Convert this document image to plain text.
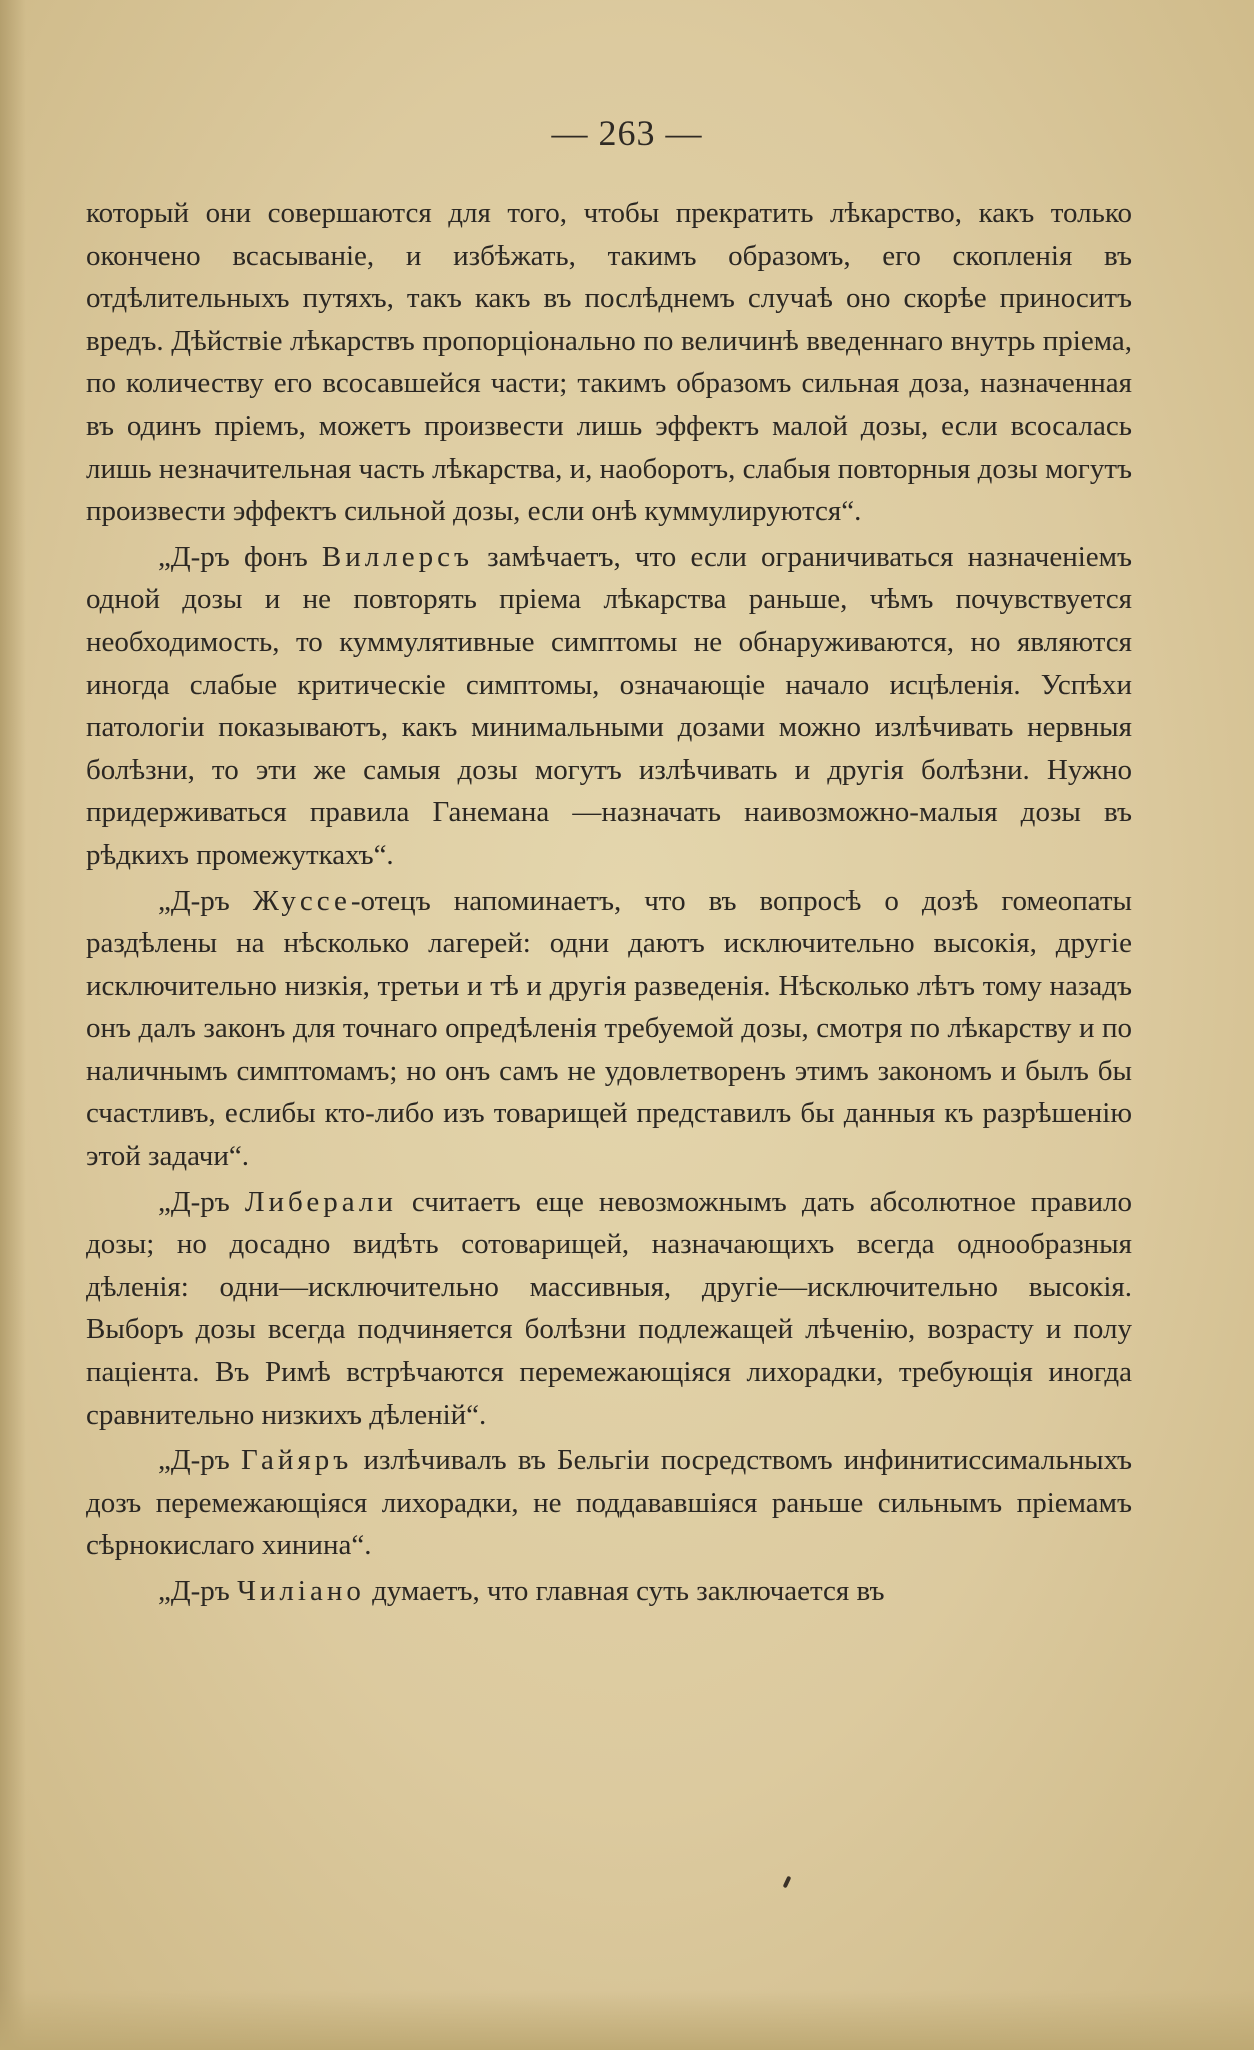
— 263 —

который они совершаются для того, чтобы прекратить лѣкарство, какъ только окончено всасываніе, и избѣжать, такимъ образомъ, его скопленія въ отдѣлительныхъ путяхъ, такъ какъ въ послѣднемъ случаѣ оно скорѣе приноситъ вредъ. Дѣйствіе лѣкарствъ пропорціонально по величинѣ введеннаго внутрь пріема, по количеству его всосавшейся части; такимъ образомъ сильная доза, назначенная въ одинъ пріемъ, можетъ произвести лишь эффектъ малой дозы, если всосалась лишь незначительная часть лѣкарства, и, наоборотъ, слабыя повторныя дозы могутъ произвести эффектъ сильной дозы, если онѣ куммулируются“.

„Д-ръ фонъ Виллерсъ замѣчаетъ, что если ограничиваться назначеніемъ одной дозы и не повторять пріема лѣкарства раньше, чѣмъ почувствуется необходимость, то куммулятивные симптомы не обнаруживаются, но являются иногда слабые критическіе симптомы, означающіе начало исцѣленія. Успѣхи патологіи показываютъ, какъ минимальными дозами можно излѣчивать нервныя болѣзни, то эти же самыя дозы могутъ излѣчивать и другія болѣзни. Нужно придерживаться правила Ганемана —назначать наивозможно-малыя дозы въ рѣдкихъ промежуткахъ“.

„Д-ръ Жуссе-отецъ напоминаетъ, что въ вопросѣ о дозѣ гомеопаты раздѣлены на нѣсколько лагерей: одни даютъ исключительно высокія, другіе исключительно низкія, третьи и тѣ и другія разведенія. Нѣсколько лѣтъ тому назадъ онъ далъ законъ для точнаго опредѣленія требуемой дозы, смотря по лѣкарству и по наличнымъ симптомамъ; но онъ самъ не удовлетворенъ этимъ закономъ и былъ бы счастливъ, еслибы кто-либо изъ товарищей представилъ бы данныя къ разрѣшенію этой задачи“.

„Д-ръ Либерали считаетъ еще невозможнымъ дать абсолютное правило дозы; но досадно видѣть сотоварищей, назначающихъ всегда однообразныя дѣленія: одни—исключительно массивныя, другіе—исключительно высокія. Выборъ дозы всегда подчиняется болѣзни подлежащей лѣченію, возрасту и полу пацiента. Въ Римѣ встрѣчаются перемежающіяся лихорадки, требующія иногда сравнительно низкихъ дѣленій“.

„Д-ръ Гайяръ излѣчивалъ въ Бельгіи посредствомъ инфинитиссимальныхъ дозъ перемежающіяся лихорадки, не поддававшіяся раньше сильнымъ пріемамъ сѣрнокислаго хинина“.

„Д-ръ Чиліано думаетъ, что главная суть заключается въ
